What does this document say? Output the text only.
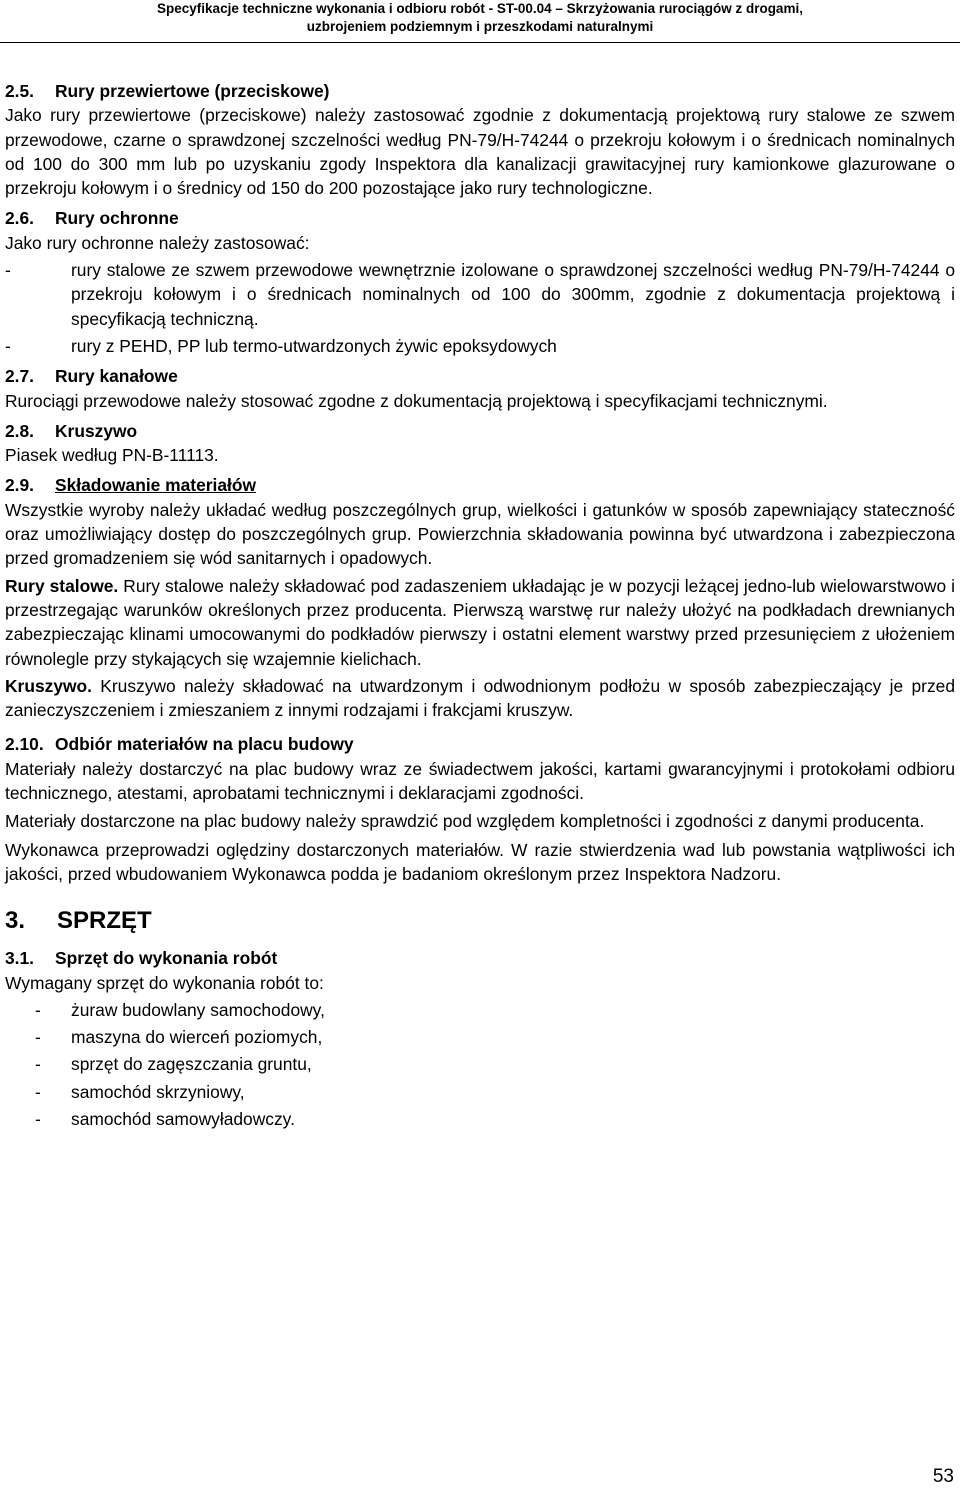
Specyfikacje techniczne wykonania i odbioru robót - ST-00.04 – Skrzyżowania rurociągów z drogami,
uzbrojeniem podziemnym i przeszkodami naturalnymi
2.5.	Rury przewiertowe (przeciskowe)

Jako rury przewiertowe (przeciskowe) należy zastosować zgodnie z dokumentacją projektową rury stalowe ze szwem przewodowe, czarne o sprawdzonej szczelności według PN-79/H-74244 o przekroju kołowym i o średnicach nominalnych od 100 do 300 mm lub po uzyskaniu zgody Inspektora dla kanalizacji grawitacyjnej rury kamionkowe glazurowane o przekroju kołowym i o średnicy od 150 do 200 pozostające jako rury technologiczne.

2.6.	Rury ochronne

Jako rury ochronne należy zastosować:

-	rury stalowe ze szwem przewodowe wewnętrznie izolowane o sprawdzonej szczelności według PN-79/H-74244 o przekroju kołowym i o średnicach nominalnych od 100 do 300mm, zgodnie z dokumentacja projektową i specyfikacją techniczną.
-	rury z PEHD, PP lub termo-utwardzonych żywic epoksydowych
2.7.	Rury kanałowe

Rurociągi przewodowe należy stosować zgodne z dokumentacją projektową i specyfikacjami technicznymi.

2.8.	Kruszywo

Piasek według PN-B-11113.

2.9.	Składowanie materiałów

Wszystkie wyroby należy układać według poszczególnych grup, wielkości i gatunków w sposób zapewniający stateczność oraz umożliwiający dostęp do poszczególnych grup. Powierzchnia składowania powinna być utwardzona i zabezpieczona przed gromadzeniem się wód sanitarnych i opadowych.

Rury stalowe. Rury stalowe należy składować pod zadaszeniem układając je w pozycji leżącej jedno-lub wielowarstwowo i przestrzegając warunków określonych przez producenta. Pierwszą warstwę rur należy ułożyć na podkładach drewnianych zabezpieczając klinami umocowanymi do podkładów pierwszy i ostatni element warstwy przed przesunięciem z ułożeniem równolegle przy stykających się wzajemnie kielichach.

Kruszywo. Kruszywo należy składować na utwardzonym i odwodnionym podłożu w sposób zabezpieczający je przed zanieczyszczeniem i zmieszaniem z innymi rodzajami i frakcjami kruszyw.

2.10. Odbiór materiałów na placu budowy

Materiały należy dostarczyć na plac budowy wraz ze świadectwem jakości, kartami gwarancyjnymi i protokołami odbioru technicznego, atestami, aprobatami technicznymi i deklaracjami zgodności.

Materiały dostarczone na plac budowy należy sprawdzić pod względem kompletności i zgodności z danymi producenta.

Wykonawca przeprowadzi oględziny dostarczonych materiałów. W razie stwierdzenia wad lub powstania wątpliwości ich jakości, przed wbudowaniem Wykonawca podda je badaniom określonym przez Inspektora Nadzoru.

3.	SPRZĘT
3.1.	Sprzęt do wykonania robót

Wymagany sprzęt do wykonania robót to:

-	żuraw budowlany samochodowy,
-	maszyna do wierceń poziomych,
-	sprzęt do zagęszczania gruntu,
-	samochód skrzyniowy,
-	samochód samowyładowczy.
53
